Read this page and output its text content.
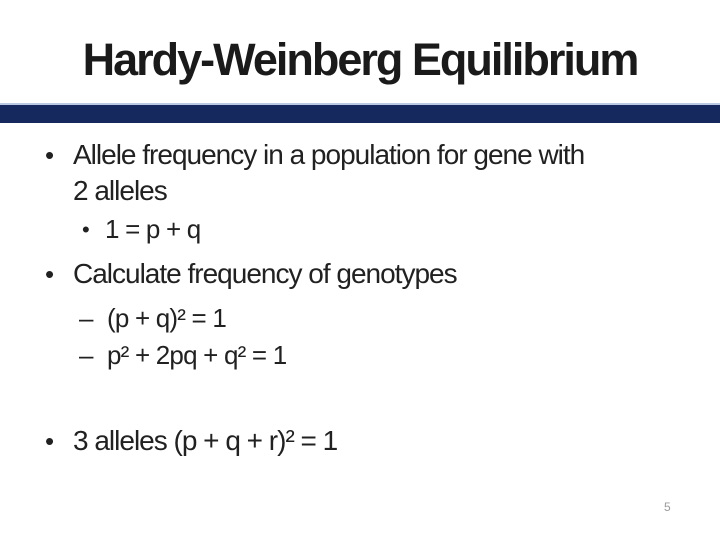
Hardy-Weinberg Equilibrium
• Allele frequency in a population for gene with
2 alleles
• 1 = p + q
• Calculate frequency of genotypes
– (p + q)² = 1
– p² + 2pq + q² = 1
• 3 alleles (p + q + r)² = 1
5
